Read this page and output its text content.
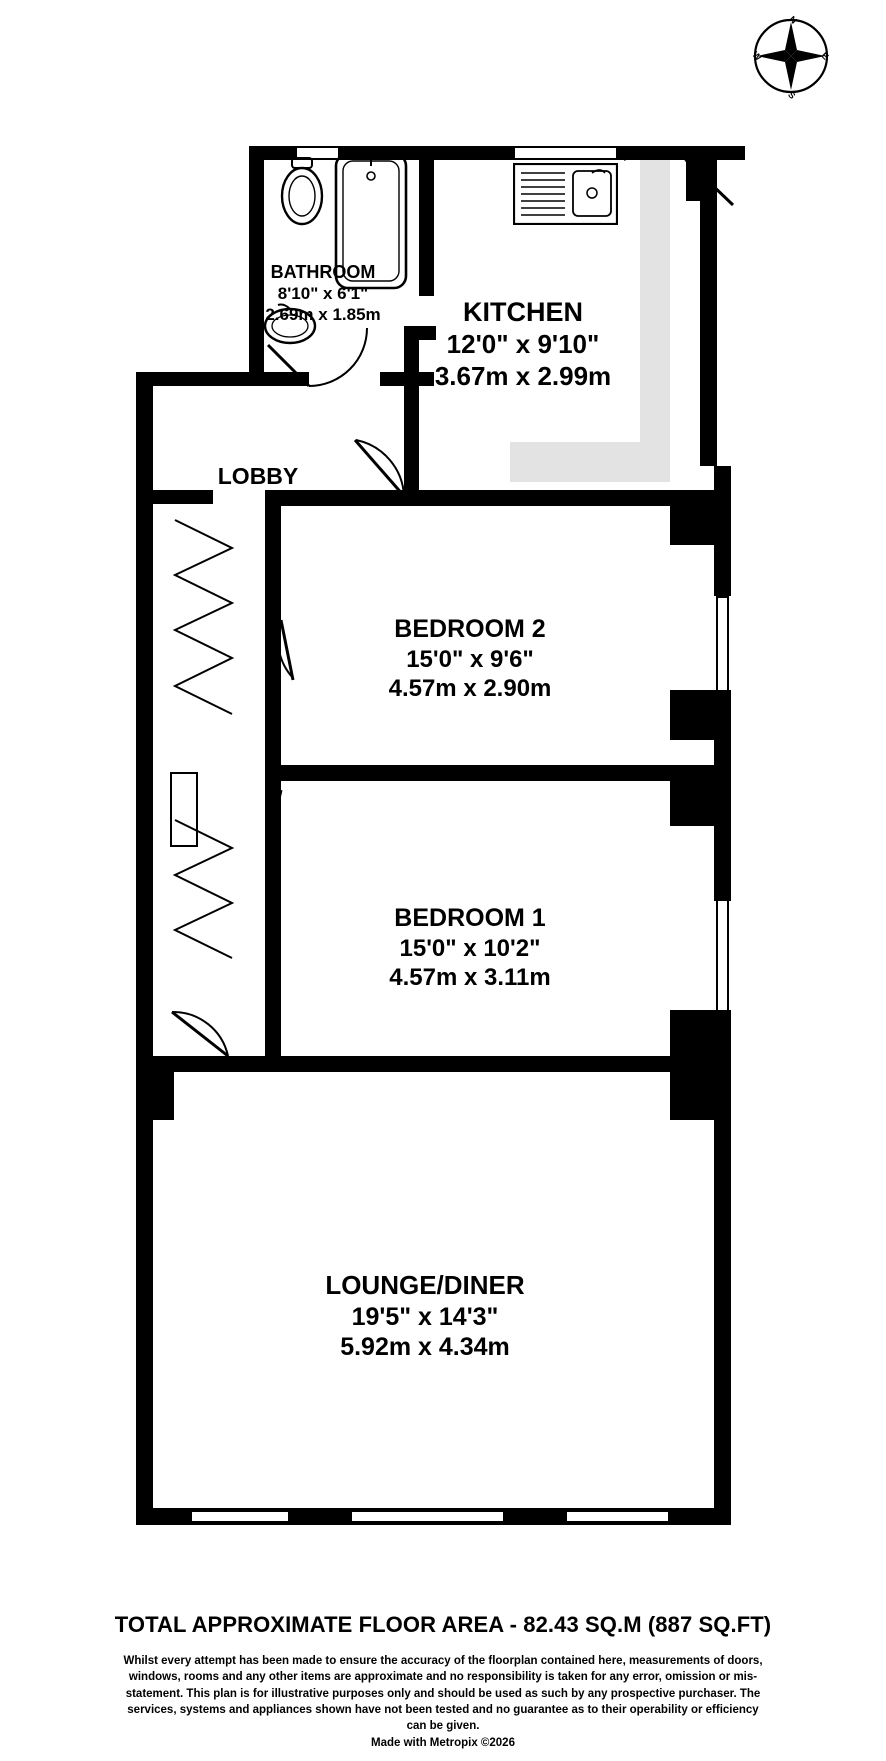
N
E
S
W
BATHROOM
8'10" x 6'1"
2.69m x 1.85m	KITCHEN
12'0" x 9'10"
3.67m x 2.99m
LOBBY
BEDROOM 2
15'0" x 9'6"
4.57m x 2.90m
BEDROOM 1
15'0" x 10'2"
4.57m x 3.11m
LOUNGE/DINER
19'5" x 14'3"
5.92m x 4.34m
TOTAL APPROXIMATE FLOOR AREA - 82.43 SQ.M (887 SQ.FT)
Whilst every attempt has been made to ensure the accuracy of the floorplan contained here, measurements of doors, windows, rooms and any other items are approximate and no responsibility is taken for any error, omission or mis-statement. This plan is for illustrative purposes only and should be used as such by any prospective purchaser. The services, systems and appliances shown have not been tested and no guarantee as to their operability or efficiency can be given.
Made with Metropix ©2026
